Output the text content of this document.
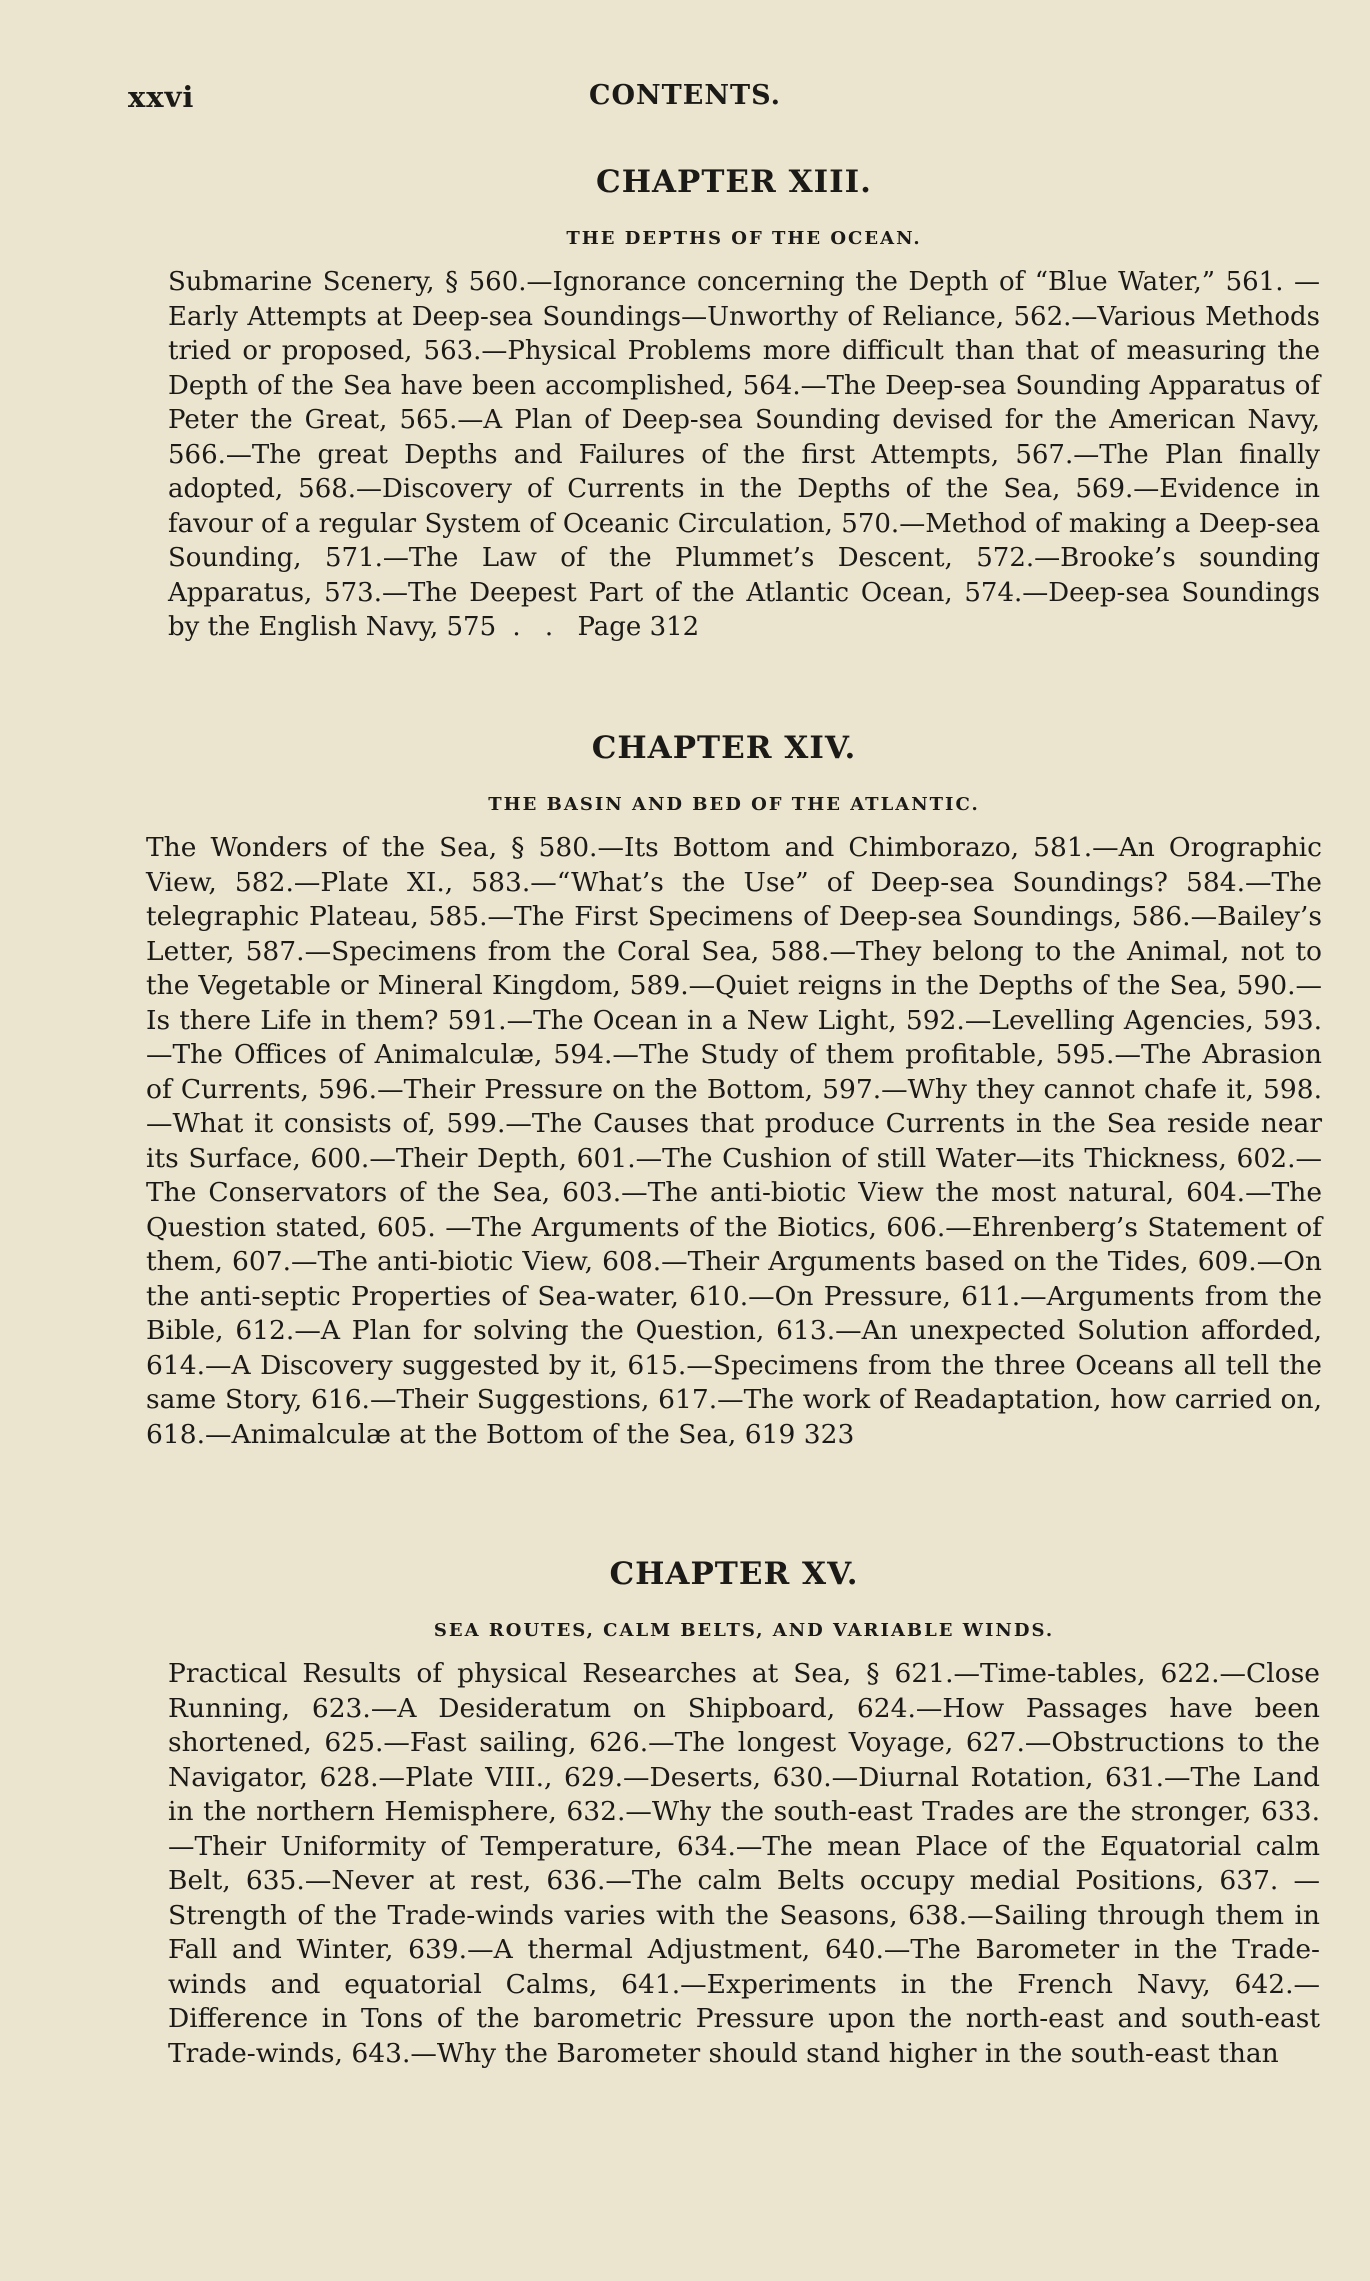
xxvi	CONTENTS.
CHAPTER XIII.
THE DEPTHS OF THE OCEAN.

Submarine Scenery, § 560.—Ignorance concerning the Depth of “Blue Water,” 561. —Early Attempts at Deep-sea Soundings—Unworthy of Reliance, 562.—Various Methods tried or proposed, 563.—Physical Problems more difficult than that of measuring the Depth of the Sea have been accomplished, 564.—The Deep-sea Sounding Apparatus of Peter the Great, 565.—A Plan of Deep-sea Sounding devised for the American Navy, 566.—The great Depths and Failures of the first Attempts, 567.—The Plan finally adopted, 568.—Discovery of Currents in the Depths of the Sea, 569.—Evidence in favour of a regular System of Oceanic Circulation, 570.—Method of making a Deep-sea Sounding, 571.—The Law of the Plummet’s Descent, 572.—Brooke’s sounding Apparatus, 573.—The Deepest Part of the Atlantic Ocean, 574.—Deep-sea Soundings by the English Navy, 575 . . Page 312

CHAPTER XIV.
THE BASIN AND BED OF THE ATLANTIC.

The Wonders of the Sea, § 580.—Its Bottom and Chimborazo, 581.—An Orographic View, 582.—Plate XI., 583.—“What’s the Use” of Deep-sea Soundings? 584.—The telegraphic Plateau, 585.—The First Specimens of Deep-sea Soundings, 586.—Bailey’s Letter, 587.—Specimens from the Coral Sea, 588.—They belong to the Animal, not to the Vegetable or Mineral Kingdom, 589.—Quiet reigns in the Depths of the Sea, 590.—Is there Life in them? 591.—The Ocean in a New Light, 592.—Levelling Agencies, 593.—The Offices of Animalculæ, 594.—The Study of them profitable, 595.—The Abrasion of Currents, 596.—Their Pressure on the Bottom, 597.—Why they cannot chafe it, 598.—What it consists of, 599.—The Causes that produce Currents in the Sea reside near its Surface, 600.—Their Depth, 601.—The Cushion of still Water—its Thickness, 602.—The Conservators of the Sea, 603.—The anti-biotic View the most natural, 604.—The Question stated, 605. —The Arguments of the Biotics, 606.—Ehrenberg’s Statement of them, 607.—The anti-biotic View, 608.—Their Arguments based on the Tides, 609.—On the anti-septic Properties of Sea-water, 610.—On Pressure, 611.—Arguments from the Bible, 612.—A Plan for solving the Question, 613.—An unexpected Solution afforded, 614.—A Discovery suggested by it, 615.—Specimens from the three Oceans all tell the same Story, 616.—Their Suggestions, 617.—The work of Readaptation, how carried on, 618.—Animalculæ at the Bottom of the Sea, 619 323

CHAPTER XV.
SEA ROUTES, CALM BELTS, AND VARIABLE WINDS.

Practical Results of physical Researches at Sea, § 621.—Time-tables, 622.—Close Running, 623.—A Desideratum on Shipboard, 624.—How Passages have been shortened, 625.—Fast sailing, 626.—The longest Voyage, 627.—Obstructions to the Navigator, 628.—Plate VIII., 629.—Deserts, 630.—Diurnal Rotation, 631.—The Land in the northern Hemisphere, 632.—Why the south-east Trades are the stronger, 633.—Their Uniformity of Temperature, 634.—The mean Place of the Equatorial calm Belt, 635.—Never at rest, 636.—The calm Belts occupy medial Positions, 637. —Strength of the Trade-winds varies with the Seasons, 638.—Sailing through them in Fall and Winter, 639.—A thermal Adjustment, 640.—The Barometer in the Trade-winds and equatorial Calms, 641.—Experiments in the French Navy, 642.—Difference in Tons of the barometric Pressure upon the north-east and south-east Trade-winds, 643.—Why the Barometer should stand higher in the south-east than
